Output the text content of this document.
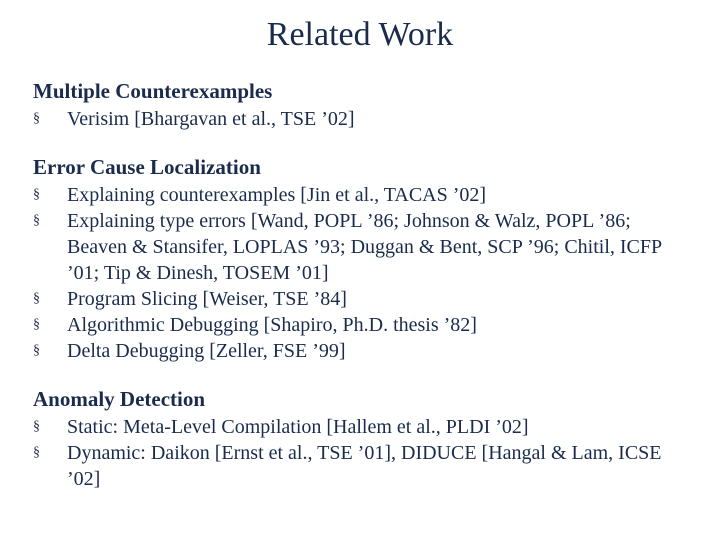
Related Work
Multiple Counterexamples
§ Verisim [Bhargavan et al., TSE ’02]
Error Cause Localization
§ Explaining counterexamples [Jin et al., TACAS ’02]
§ Explaining type errors [Wand, POPL ’86; Johnson & Walz, POPL ’86; Beaven & Stansifer, LOPLAS ’93; Duggan & Bent, SCP ’96; Chitil, ICFP ’01; Tip & Dinesh, TOSEM ’01]
§ Program Slicing [Weiser, TSE ’84]
§ Algorithmic Debugging [Shapiro, Ph.D. thesis ’82]
§ Delta Debugging [Zeller, FSE ’99]
Anomaly Detection
§ Static: Meta-Level Compilation [Hallem et al., PLDI ’02]
§ Dynamic: Daikon [Ernst et al., TSE ’01], DIDUCE [Hangal & Lam, ICSE ’02]
